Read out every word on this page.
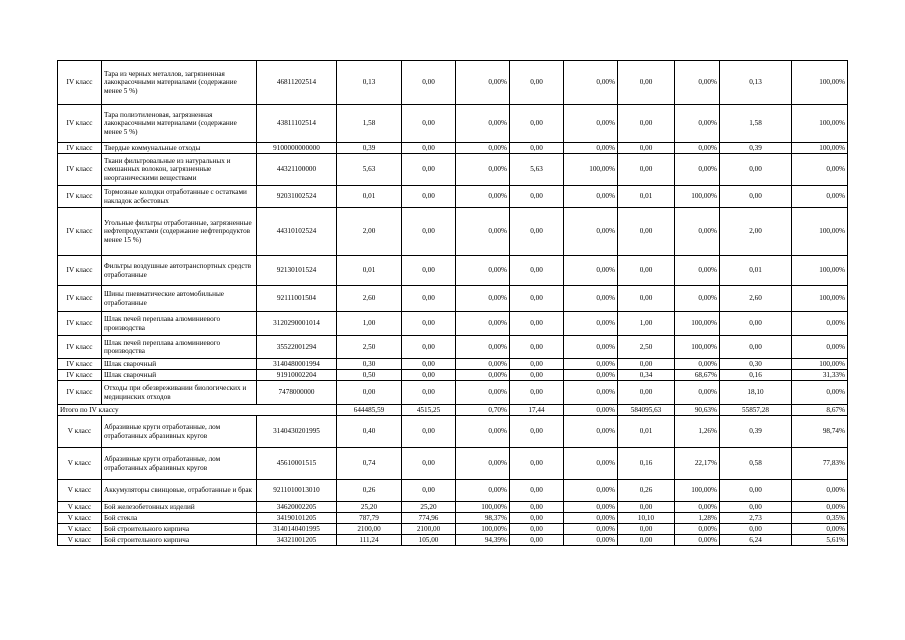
IV класс	Тара из черных металлов, загрязненная лакокрасочными материалами (содержание менее 5 %)	46811202514	0,13	0,00	0,00%	0,00	0,00%	0,00	0,00%	0,13	100,00%
IV класс	Тара полиэтиленовая, загрязненная лакокрасочными материалами (содержание менее 5 %)	43811102514	1,58	0,00	0,00%	0,00	0,00%	0,00	0,00%	1,58	100,00%
IV класс	Твердые коммунальные отходы	9100000000000	0,39	0,00	0,00%	0,00	0,00%	0,00	0,00%	0,39	100,00%
IV класс	Ткани фильтровальные из натуральных и смешанных волокон, загрязненные неорганическими веществами	44321100000	5,63	0,00	0,00%	5,63	100,00%	0,00	0,00%	0,00	0,00%
IV класс	Тормозные колодки отработанные с остатками накладок асбестовых	92031002524	0,01	0,00	0,00%	0,00	0,00%	0,01	100,00%	0,00	0,00%
IV класс	Угольные фильтры отработанные, загрязненные нефтепродуктами (содержание нефтепродуктов менее 15 %)	44310102524	2,00	0,00	0,00%	0,00	0,00%	0,00	0,00%	2,00	100,00%
IV класс	Фильтры воздушные автотранспортных средств отработанные	92130101524	0,01	0,00	0,00%	0,00	0,00%	0,00	0,00%	0,01	100,00%
IV класс	Шины пневматические автомобильные отработанные	92111001504	2,60	0,00	0,00%	0,00	0,00%	0,00	0,00%	2,60	100,00%
IV класс	Шлак печей переплава алюминиевого производства	3120290001014	1,00	0,00	0,00%	0,00	0,00%	1,00	100,00%	0,00	0,00%
IV класс	Шлак печей переплава алюминиевого производства	35522001294	2,50	0,00	0,00%	0,00	0,00%	2,50	100,00%	0,00	0,00%
IV класс	Шлак сварочный	3140480001994	0,30	0,00	0,00%	0,00	0,00%	0,00	0,00%	0,30	100,00%
IV класс	Шлак сварочный	91910002204	0,50	0,00	0,00%	0,00	0,00%	0,34	68,67%	0,16	31,33%
IV класс	Отходы при обезвреживании биологических и медицинских отходов	7478000000	0,00	0,00	0,00%	0,00	0,00%	0,00	0,00%	18,10	0,00%
Итого по IV классу			644485,59	4515,25	0,70%	17,44	0,00%	584095,63	90,63%	55857,28	8,67%
V класс	Абразивные круги отработанные, лом отработанных абразивных кругов	3140430201995	0,40	0,00	0,00%	0,00	0,00%	0,01	1,26%	0,39	98,74%
V класс	Абразивные круги отработанные, лом отработанных абразивных кругов	45610001515	0,74	0,00	0,00%	0,00	0,00%	0,16	22,17%	0,58	77,83%
V класс	Аккумуляторы свинцовые, отработанные и брак	9211010013010	0,26	0,00	0,00%	0,00	0,00%	0,26	100,00%	0,00	0,00%
V класс	Бой железобетонных изделий	34620002205	25,20	25,20	100,00%	0,00	0,00%	0,00	0,00%	0,00	0,00%
V класс	Бой стекла	34190101205	787,79	774,96	98,37%	0,00	0,00%	10,10	1,28%	2,73	0,35%
V класс	Бой строительного кирпича	3140140401995	2100,00	2100,00	100,00%	0,00	0,00%	0,00	0,00%	0,00	0,00%
V класс	Бой строительного кирпича	34321001205	111,24	105,00	94,39%	0,00	0,00%	0,00	0,00%	6,24	5,61%
